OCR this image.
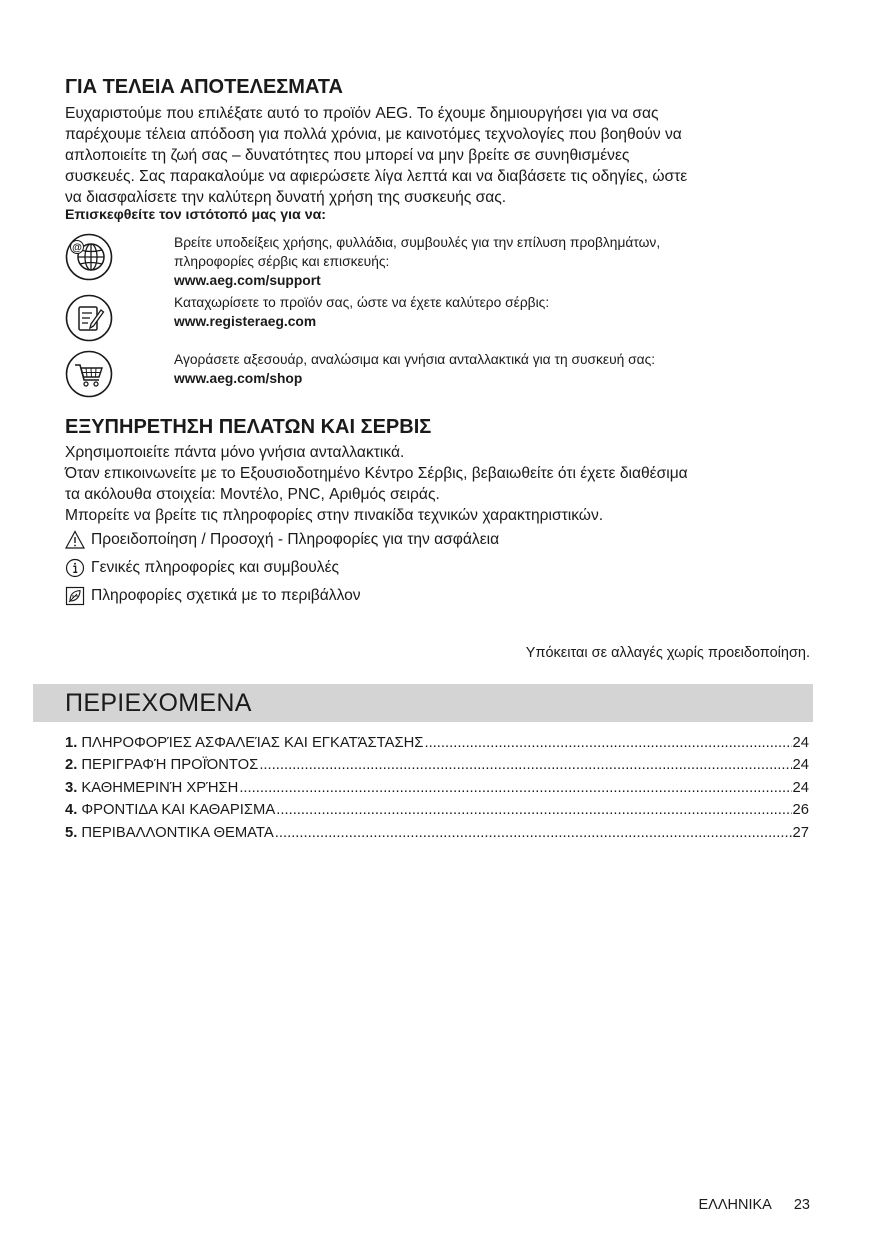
ΓΙΑ ΤΕΛΕΙΑ ΑΠΟΤΕΛΕΣΜΑΤΑ
Ευχαριστούμε που επιλέξατε αυτό το προϊόν AEG. Το έχουμε δημιουργήσει για να σας
παρέχουμε τέλεια απόδοση για πολλά χρόνια, με καινοτόμες τεχνολογίες που βοηθούν να
απλοποιείτε τη ζωή σας – δυνατότητες που μπορεί να μην βρείτε σε συνηθισμένες
συσκευές. Σας παρακαλούμε να αφιερώσετε λίγα λεπτά και να διαβάσετε τις οδηγίες, ώστε
να διασφαλίσετε την καλύτερη δυνατή χρήση της συσκευής σας.
Επισκεφθείτε τον ιστότοπό μας για να:
@	Βρείτε υποδείξεις χρήσης, φυλλάδια, συμβουλές για την επίλυση προβλημάτων,
πληροφορίες σέρβις και επισκευής:
www.aeg.com/support
Καταχωρίσετε το προϊόν σας, ώστε να έχετε καλύτερο σέρβις:
www.registeraeg.com
Αγοράσετε αξεσουάρ, αναλώσιμα και γνήσια ανταλλακτικά για τη συσκευή σας:
www.aeg.com/shop
ΕΞΥΠΗΡΕΤΗΣΗ ΠΕΛΑΤΩΝ ΚΑΙ ΣΕΡΒΙΣ
Χρησιμοποιείτε πάντα μόνο γνήσια ανταλλακτικά.
Όταν επικοινωνείτε με το Εξουσιοδοτημένο Κέντρο Σέρβις, βεβαιωθείτε ότι έχετε διαθέσιμα
τα ακόλουθα στοιχεία: Μοντέλο, PNC, Αριθμός σειράς.
Μπορείτε να βρείτε τις πληροφορίες στην πινακίδα τεχνικών χαρακτηριστικών.
Προειδοποίηση / Προσοχή - Πληροφορίες για την ασφάλεια
Γενικές πληροφορίες και συμβουλές
Πληροφορίες σχετικά με το περιβάλλον
Υπόκειται σε αλλαγές χωρίς προειδοποίηση.
ΠΕΡΙΕΧΟΜΕΝΑ
1. ΠΛΗΡΟΦΟΡΊΕΣ ΑΣΦΑΛΕΊΑΣ ΚΑΙ ΕΓΚΑΤΆΣΤΑΣΗΣ .....	24
2. ΠΕΡΙΓΡΑΦΉ ΠΡΟΪΌΝΤΟΣ .....	24
3. ΚΑΘΗΜΕΡΙΝΉ ΧΡΉΣΗ .....	24
4. ΦΡΟΝΤΙΔΑ ΚΑΙ ΚΑΘΑΡΙΣΜΑ .....	26
5. ΠΕΡΙΒΑΛΛΟΝΤΙΚΑ ΘΕΜΑΤΑ .....	27
ΕΛΛΗΝΙΚΑ 23
